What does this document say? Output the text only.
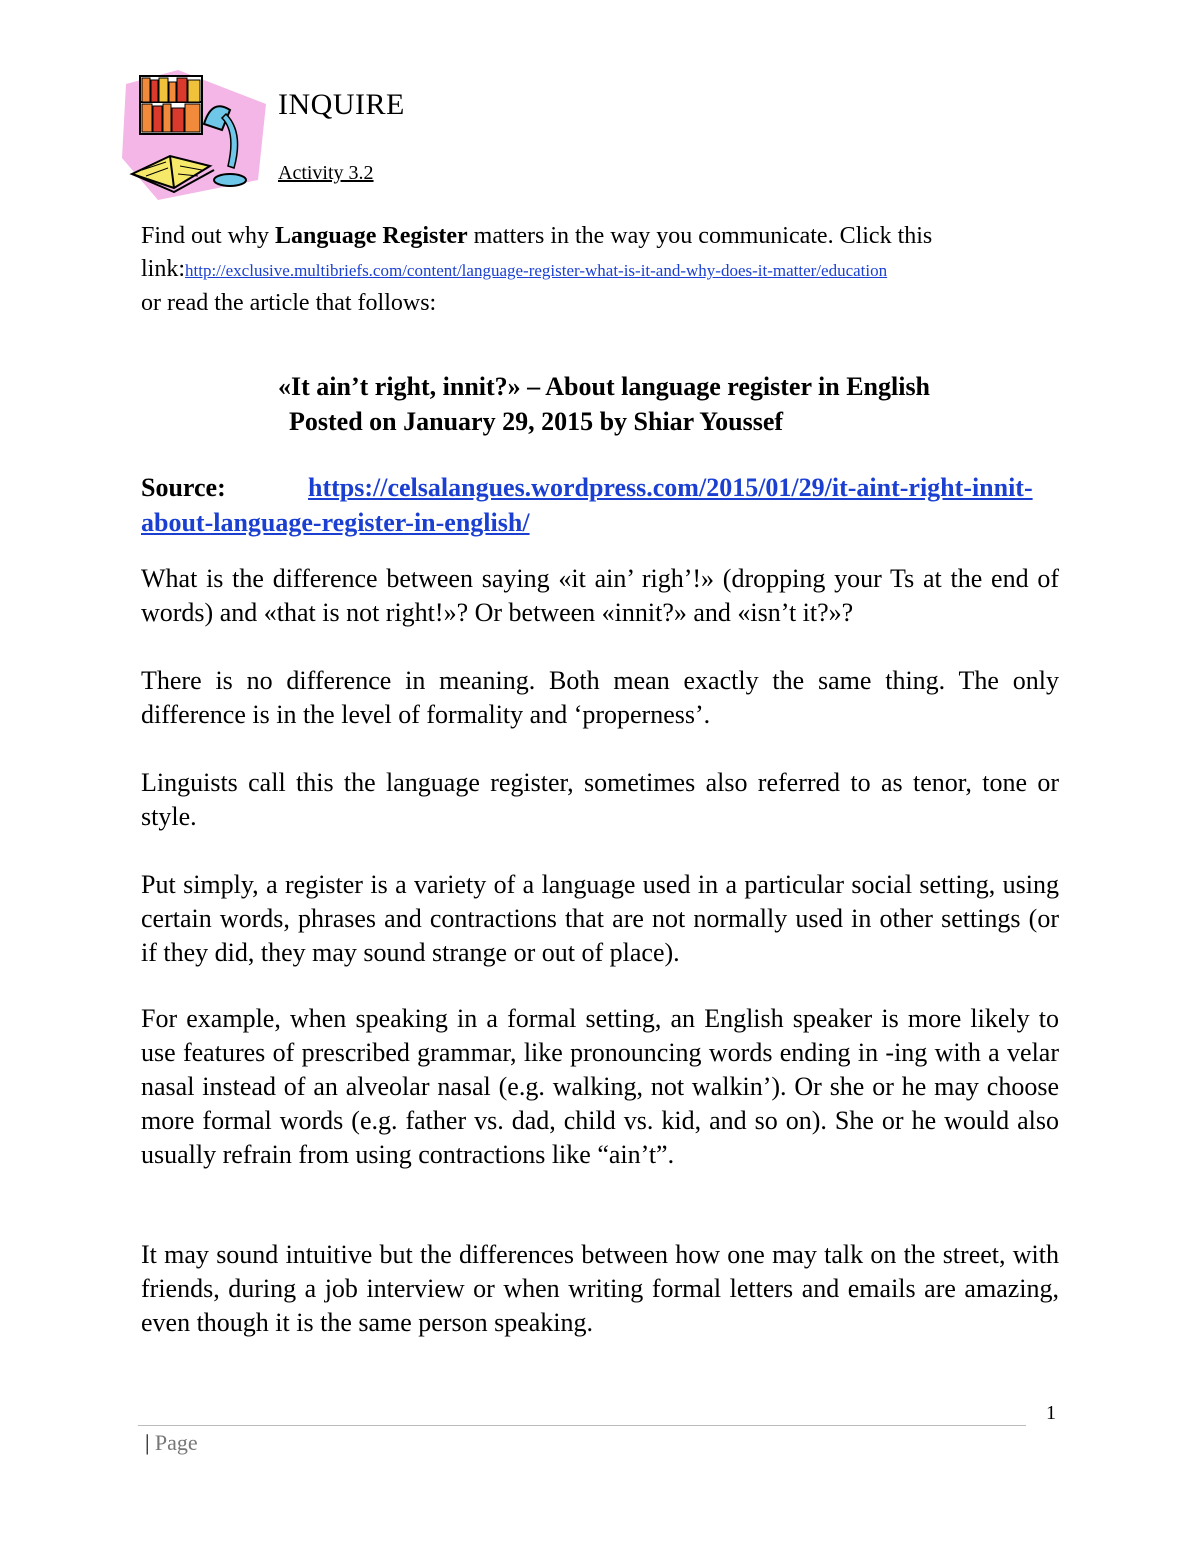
INQUIRE
Activity 3.2
Find out why Language Register matters in the way you communicate. Click this link:http://exclusive.multibriefs.com/content/language-register-what-is-it-and-why-does-it-matter/education
or read the article that follows:
«It ain’t right, innit?» – About language register in English
Posted on January 29, 2015 by Shiar Youssef
Source:	https://celsalangues.wordpress.com/2015/01/29/it-aint-right-innit-about-language-register-in-english/

What is the difference between saying «it ain’ righ’!» (dropping your Ts at the end of words) and «that is not right!»? Or between «innit?» and «isn’t it?»?

There is no difference in meaning. Both mean exactly the same thing. The only difference is in the level of formality and ‘properness’.

Linguists call this the language register, sometimes also referred to as tenor, tone or style.

Put simply, a register is a variety of a language used in a particular social setting, using certain words, phrases and contractions that are not normally used in other settings (or if they did, they may sound strange or out of place).

For example, when speaking in a formal setting, an English speaker is more likely to use features of prescribed grammar, like pronouncing words ending in -ing with a velar nasal instead of an alveolar nasal (e.g. walking, not walkin’). Or she or he may choose more formal words (e.g. father vs. dad, child vs. kid, and so on). She or he would also usually refrain from using contractions like “ain’t”.

It may sound intuitive but the differences between how one may talk on the street, with friends, during a job interview or when writing formal letters and emails are amazing, even though it is the same person speaking.

1
| Page
